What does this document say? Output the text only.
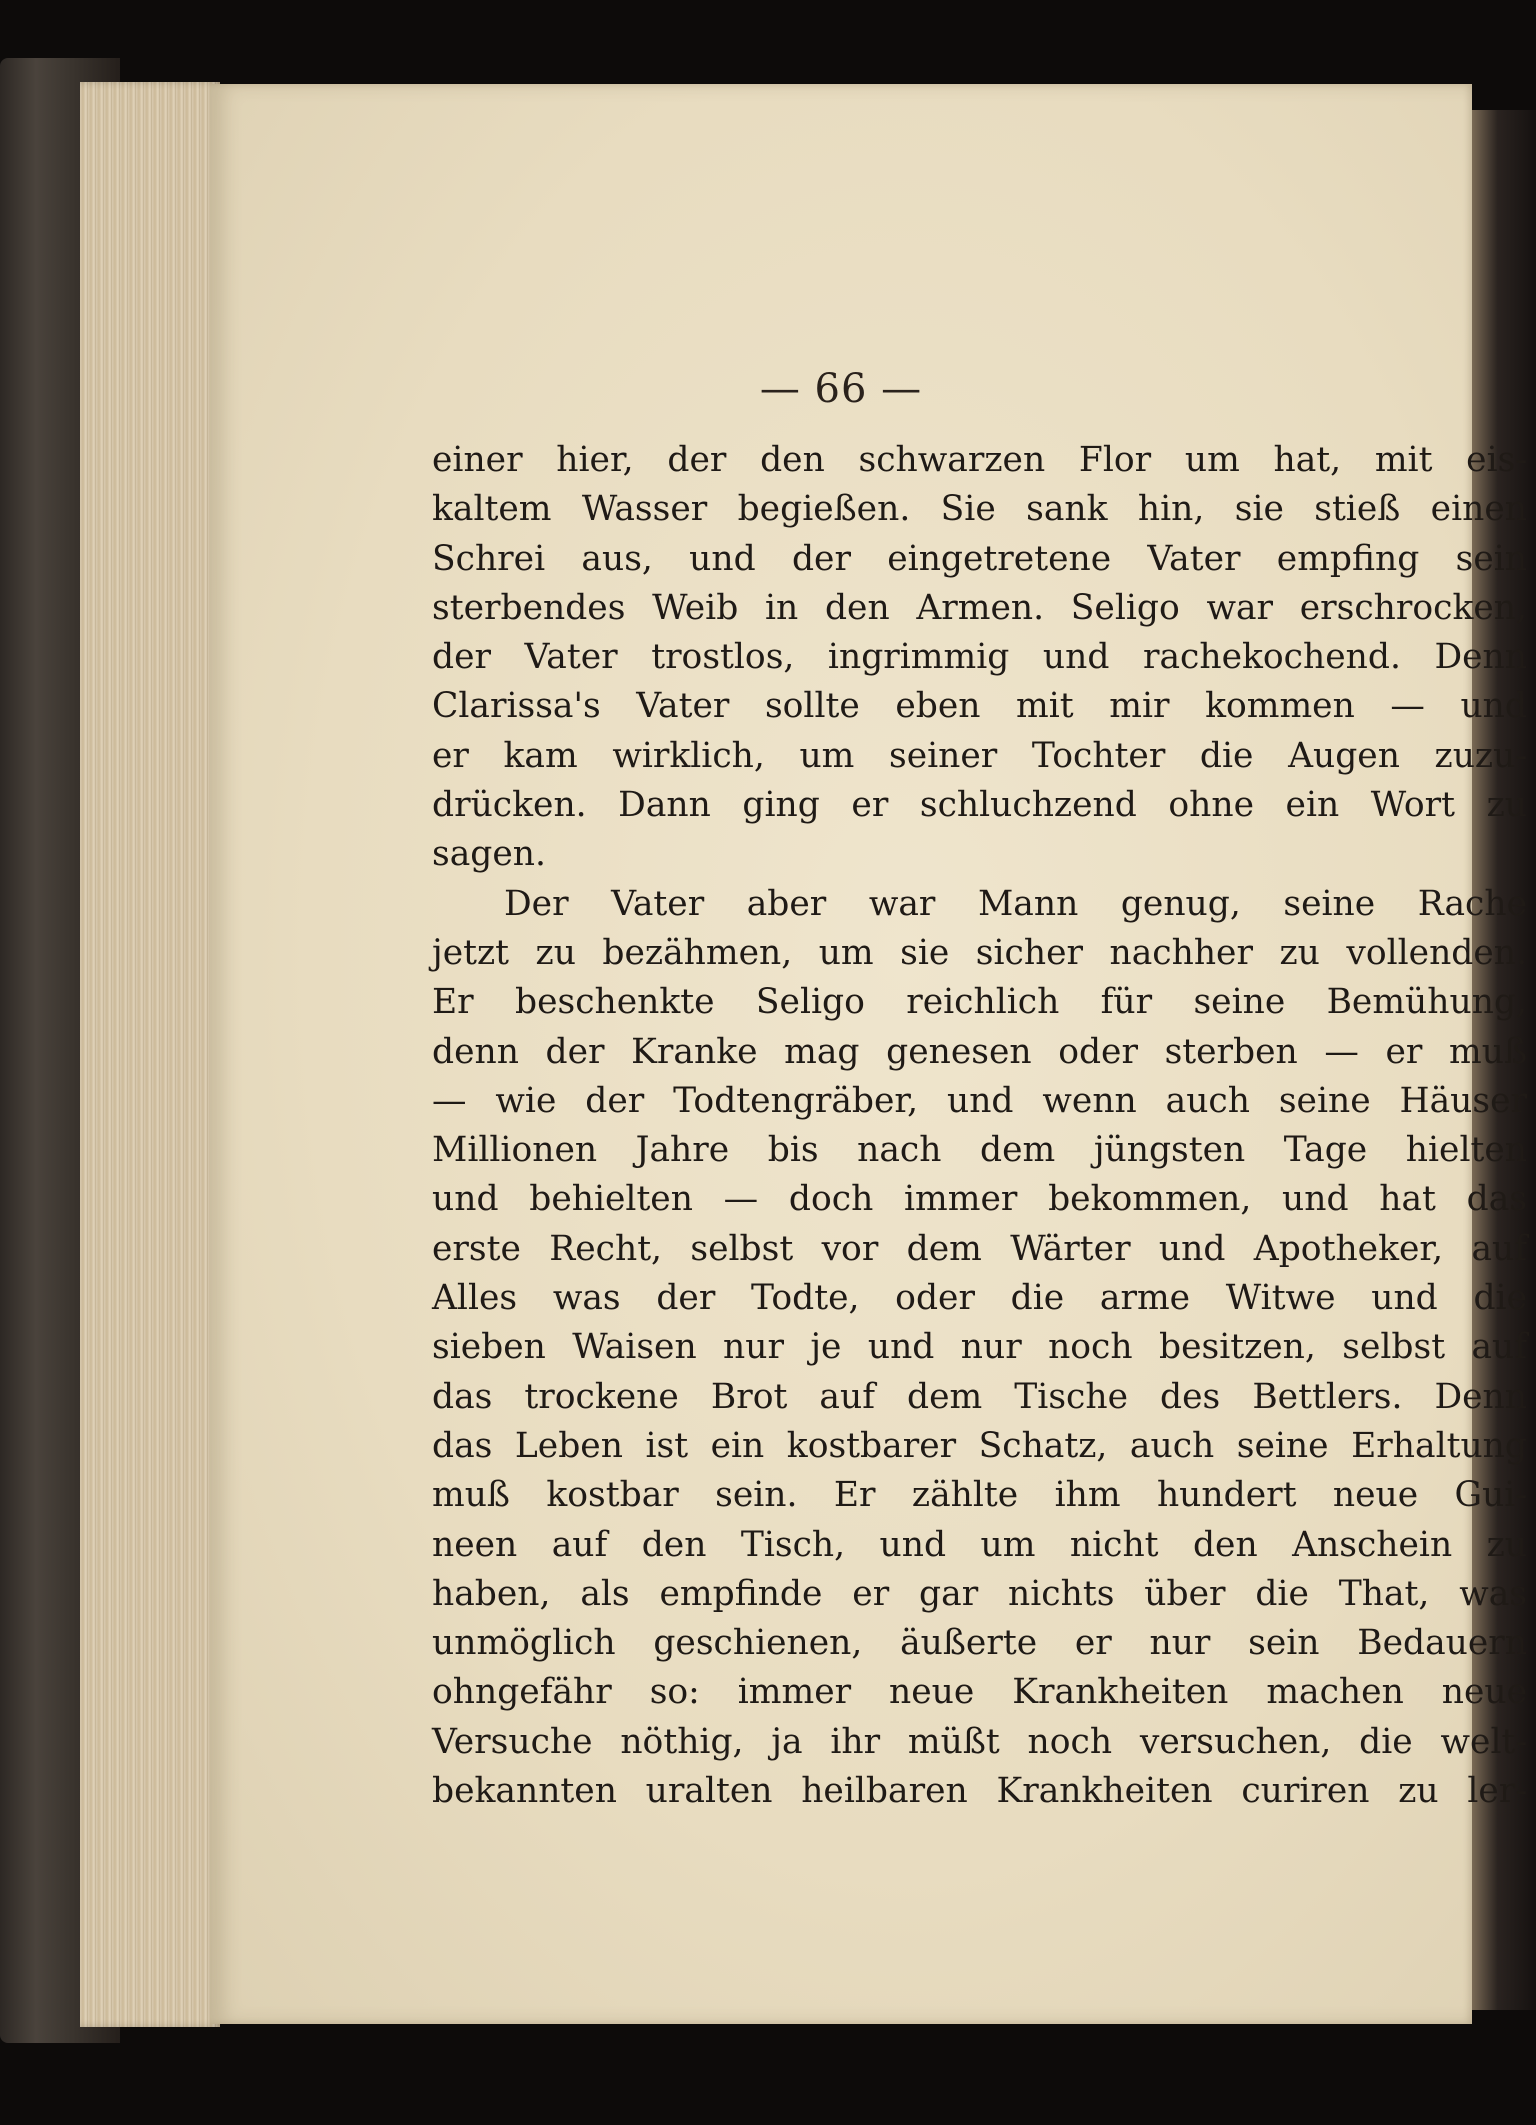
— 66 —
einer hier, der den schwarzen Flor um hat, mit eis-
kaltem Wasser begießen. Sie sank hin, sie stieß einen
Schrei aus, und der eingetretene Vater empfing sein
sterbendes Weib in den Armen. Seligo war erschrocken,
der Vater trostlos, ingrimmig und rachekochend. Denn
Clarissa's Vater sollte eben mit mir kommen — und
er kam wirklich, um seiner Tochter die Augen zuzu-
drücken. Dann ging er schluchzend ohne ein Wort zu
sagen.
Der Vater aber war Mann genug, seine Rache
jetzt zu bezähmen, um sie sicher nachher zu vollenden.
Er beschenkte Seligo reichlich für seine Bemühung,
denn der Kranke mag genesen oder sterben — er muß
— wie der Todtengräber, und wenn auch seine Häuser
Millionen Jahre bis nach dem jüngsten Tage hielten
und behielten — doch immer bekommen, und hat das
erste Recht, selbst vor dem Wärter und Apotheker, auf
Alles was der Todte, oder die arme Witwe und die
sieben Waisen nur je und nur noch besitzen, selbst auf
das trockene Brot auf dem Tische des Bettlers. Denn
das Leben ist ein kostbarer Schatz, auch seine Erhaltung
muß kostbar sein. Er zählte ihm hundert neue Gui-
neen auf den Tisch, und um nicht den Anschein zu
haben, als empfinde er gar nichts über die That, was
unmöglich geschienen, äußerte er nur sein Bedauern
ohngefähr so: immer neue Krankheiten machen neue
Versuche nöthig, ja ihr müßt noch versuchen, die welt-
bekannten uralten heilbaren Krankheiten curiren zu ler-
